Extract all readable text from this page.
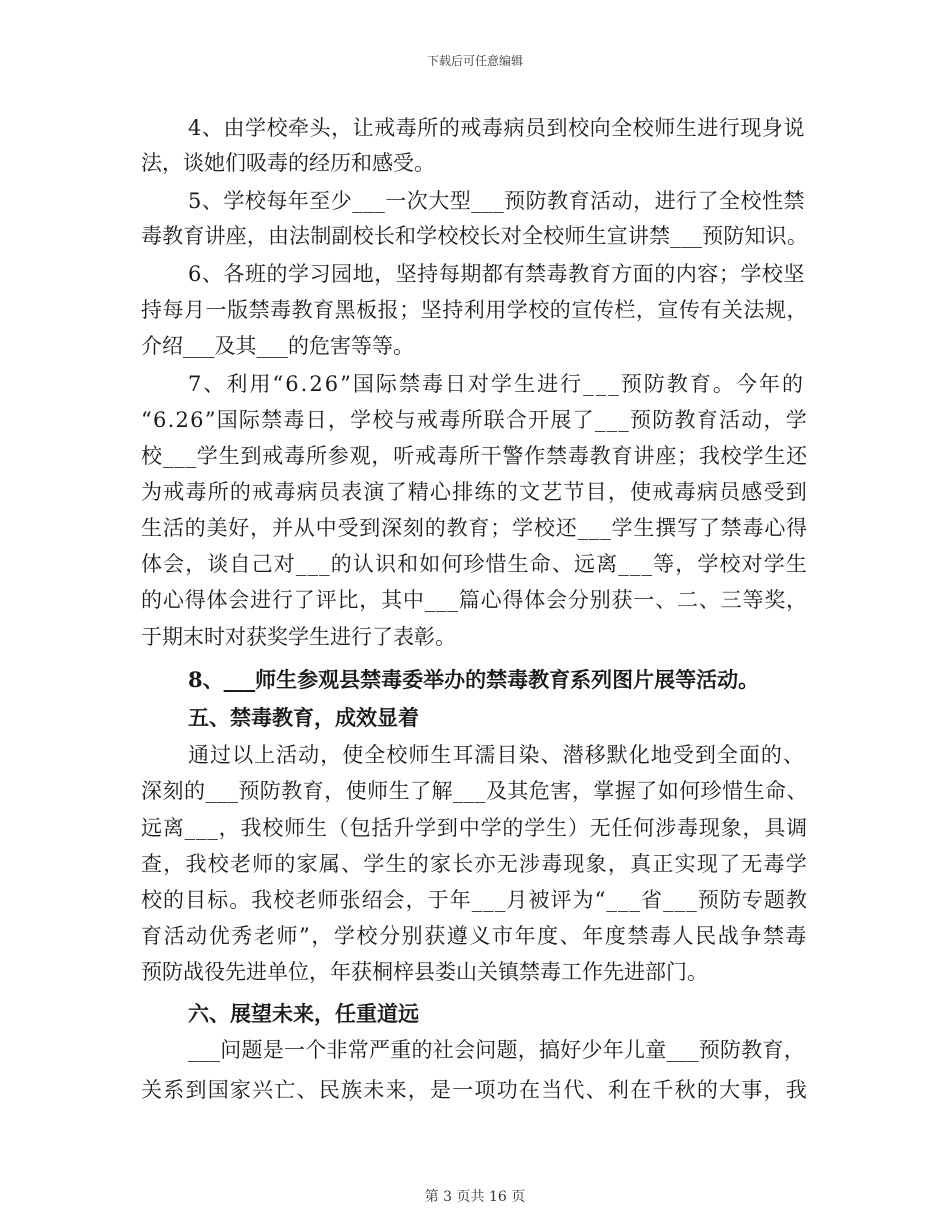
下载后可任意编辑
4、由学校牵头，让戒毒所的戒毒病员到校向全校师生进行现身说
法，谈她们吸毒的经历和感受。
5、学校每年至少___一次大型___预防教育活动，进行了全校性禁
毒教育讲座，由法制副校长和学校校长对全校师生宣讲禁___预防知识。
6、各班的学习园地，坚持每期都有禁毒教育方面的内容；学校坚
持每月一版禁毒教育黑板报；坚持利用学校的宣传栏，宣传有关法规，
介绍___及其___的危害等等。
7、利用“6.26”国际禁毒日对学生进行___预防教育。今年的
“6.26”国际禁毒日，学校与戒毒所联合开展了___预防教育活动，学
校___学生到戒毒所参观，听戒毒所干警作禁毒教育讲座；我校学生还
为戒毒所的戒毒病员表演了精心排练的文艺节目，使戒毒病员感受到
生活的美好，并从中受到深刻的教育；学校还___学生撰写了禁毒心得
体会，谈自己对___的认识和如何珍惜生命、远离___等，学校对学生
的心得体会进行了评比，其中___篇心得体会分别获一、二、三等奖，
于期末时对获奖学生进行了表彰。
8、___师生参观县禁毒委举办的禁毒教育系列图片展等活动。
五、禁毒教育，成效显着
通过以上活动，使全校师生耳濡目染、潜移默化地受到全面的、
深刻的___预防教育，使师生了解___及其危害，掌握了如何珍惜生命、
远离___，我校师生（包括升学到中学的学生）无任何涉毒现象，具调
查，我校老师的家属、学生的家长亦无涉毒现象，真正实现了无毒学
校的目标。我校老师张绍会，于年___月被评为“___省___预防专题教
育活动优秀老师”，学校分别获遵义市年度、年度禁毒人民战争禁毒
预防战役先进单位，年获桐梓县娄山关镇禁毒工作先进部门。
六、展望未来，任重道远
___问题是一个非常严重的社会问题，搞好少年儿童___预防教育，
关系到国家兴亡、民族未来，是一项功在当代、利在千秋的大事，我
第 3 页共 16 页
